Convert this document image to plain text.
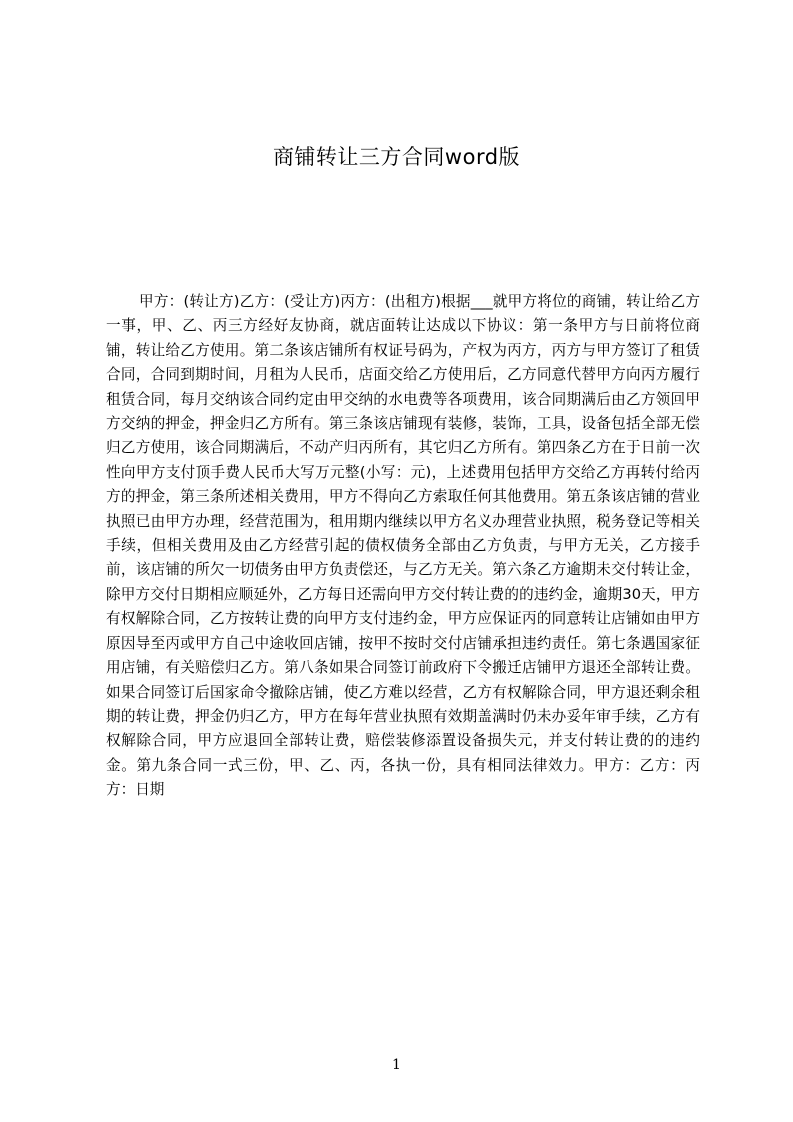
商铺转让三方合同word版

甲方：(转让方)乙方：(受让方)丙方：(出租方)根据___就甲方将位的商铺，转让给乙方一事，甲、乙、丙三方经好友协商，就店面转让达成以下协议：第一条甲方与日前将位商铺，转让给乙方使用。第二条该店铺所有权证号码为，产权为丙方，丙方与甲方签订了租赁合同，合同到期时间，月租为人民币，店面交给乙方使用后，乙方同意代替甲方向丙方履行租赁合同，每月交纳该合同约定由甲交纳的水电费等各项费用，该合同期满后由乙方领回甲方交纳的押金，押金归乙方所有。第三条该店铺现有装修，装饰，工具，设备包括全部无偿归乙方使用，该合同期满后，不动产归丙所有，其它归乙方所有。第四条乙方在于日前一次性向甲方支付顶手费人民币大写万元整(小写：元)，上述费用包括甲方交给乙方再转付给丙方的押金，第三条所述相关费用，甲方不得向乙方索取任何其他费用。第五条该店铺的营业执照已由甲方办理，经营范围为，租用期内继续以甲方名义办理营业执照，税务登记等相关手续，但相关费用及由乙方经营引起的债权债务全部由乙方负责，与甲方无关，乙方接手前，该店铺的所欠一切债务由甲方负责偿还，与乙方无关。第六条乙方逾期未交付转让金，除甲方交付日期相应顺延外，乙方每日还需向甲方交付转让费的的违约金，逾期30天，甲方有权解除合同，乙方按转让费的向甲方支付违约金，甲方应保证丙的同意转让店铺如由甲方原因导至丙或甲方自己中途收回店铺，按甲不按时交付店铺承担违约责任。第七条遇国家征用店铺，有关赔偿归乙方。第八条如果合同签订前政府下令搬迁店铺甲方退还全部转让费。如果合同签订后国家命令撤除店铺，使乙方难以经营，乙方有权解除合同，甲方退还剩余租期的转让费，押金仍归乙方，甲方在每年营业执照有效期盖满时仍未办妥年审手续，乙方有权解除合同，甲方应退回全部转让费，赔偿装修添置设备损失元，并支付转让费的的违约金。第九条合同一式三份，甲、乙、丙，各执一份，具有相同法律效力。甲方：乙方：丙方：日期

1
